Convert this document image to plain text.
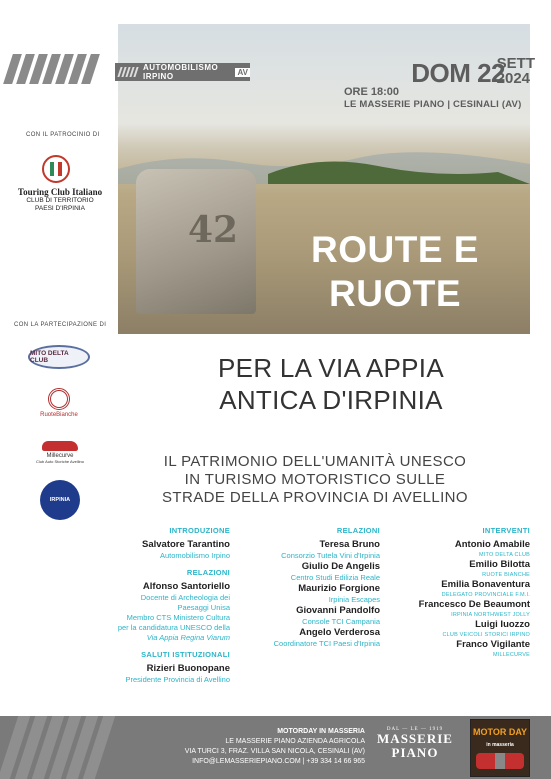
42
AUTOMOBILISMO IRPINO	AV	DOM 22
SETT
2024
ORE 18:00
LE MASSERIE PIANO | CESINALI (AV)
ROUTE E
RUOTE
CON IL PATROCINIO DI
Touring Club Italiano
CLUB DI TERRITORIO
PAESI D'IRPINIA
CON LA PARTECIPAZIONE DI
MITO DELTA CLUB
RuoteBianche
Millecurve
Club Auto Storiche Avellino
IRPINIA
PER LA VIA APPIA
ANTICA D'IRPINIA
IL PATRIMONIO DELL'UMANITÀ UNESCO
IN TURISMO MOTORISTICO SULLE
STRADE DELLA PROVINCIA DI AVELLINO
INTRODUZIONE
Salvatore Tarantino
Automobilismo Irpino
RELAZIONI
Alfonso Santoriello
Docente di Archeologia dei
Paesaggi Unisa
Membro CTS Ministero Cultura
per la candidatura UNESCO della
Via Appia Regina Viarum
SALUTI ISTITUZIONALI
Rizieri Buonopane
Presidente Provincia di Avellino
RELAZIONI
Teresa Bruno
Consorzio Tutela Vini d'Irpinia
Giulio De Angelis
Centro Studi Edilizia Reale
Maurizio Forgione
Irpinia Escapes
Giovanni Pandolfo
Console TCI Campania
Angelo Verderosa
Coordinatore TCI Paesi d'Irpinia
INTERVENTI
Antonio Amabile
MITO DELTA CLUB
Emilio Bilotta
RUOTE BIANCHE
Emilia Bonaventura
DELEGATO PROVINCIALE F.M.I.
Francesco De Beaumont
IRPINIA NORTHWEST JOLLY
Luigi Iuozzo
CLUB VEICOLI STORICI IRPINO
Franco Vigilante
MILLECURVE
MOTORDAY IN MASSERIA
LE MASSERIE PIANO AZIENDA AGRICOLA
VIA TURCI 3, FRAZ. VILLA SAN NICOLA, CESINALI (AV)
INFO@LEMASSERIEPIANO.COM | +39 334 14 66 965
DAL — LE — 1919
MASSERIE
PIANO
MOTOR DAY
in masseria
